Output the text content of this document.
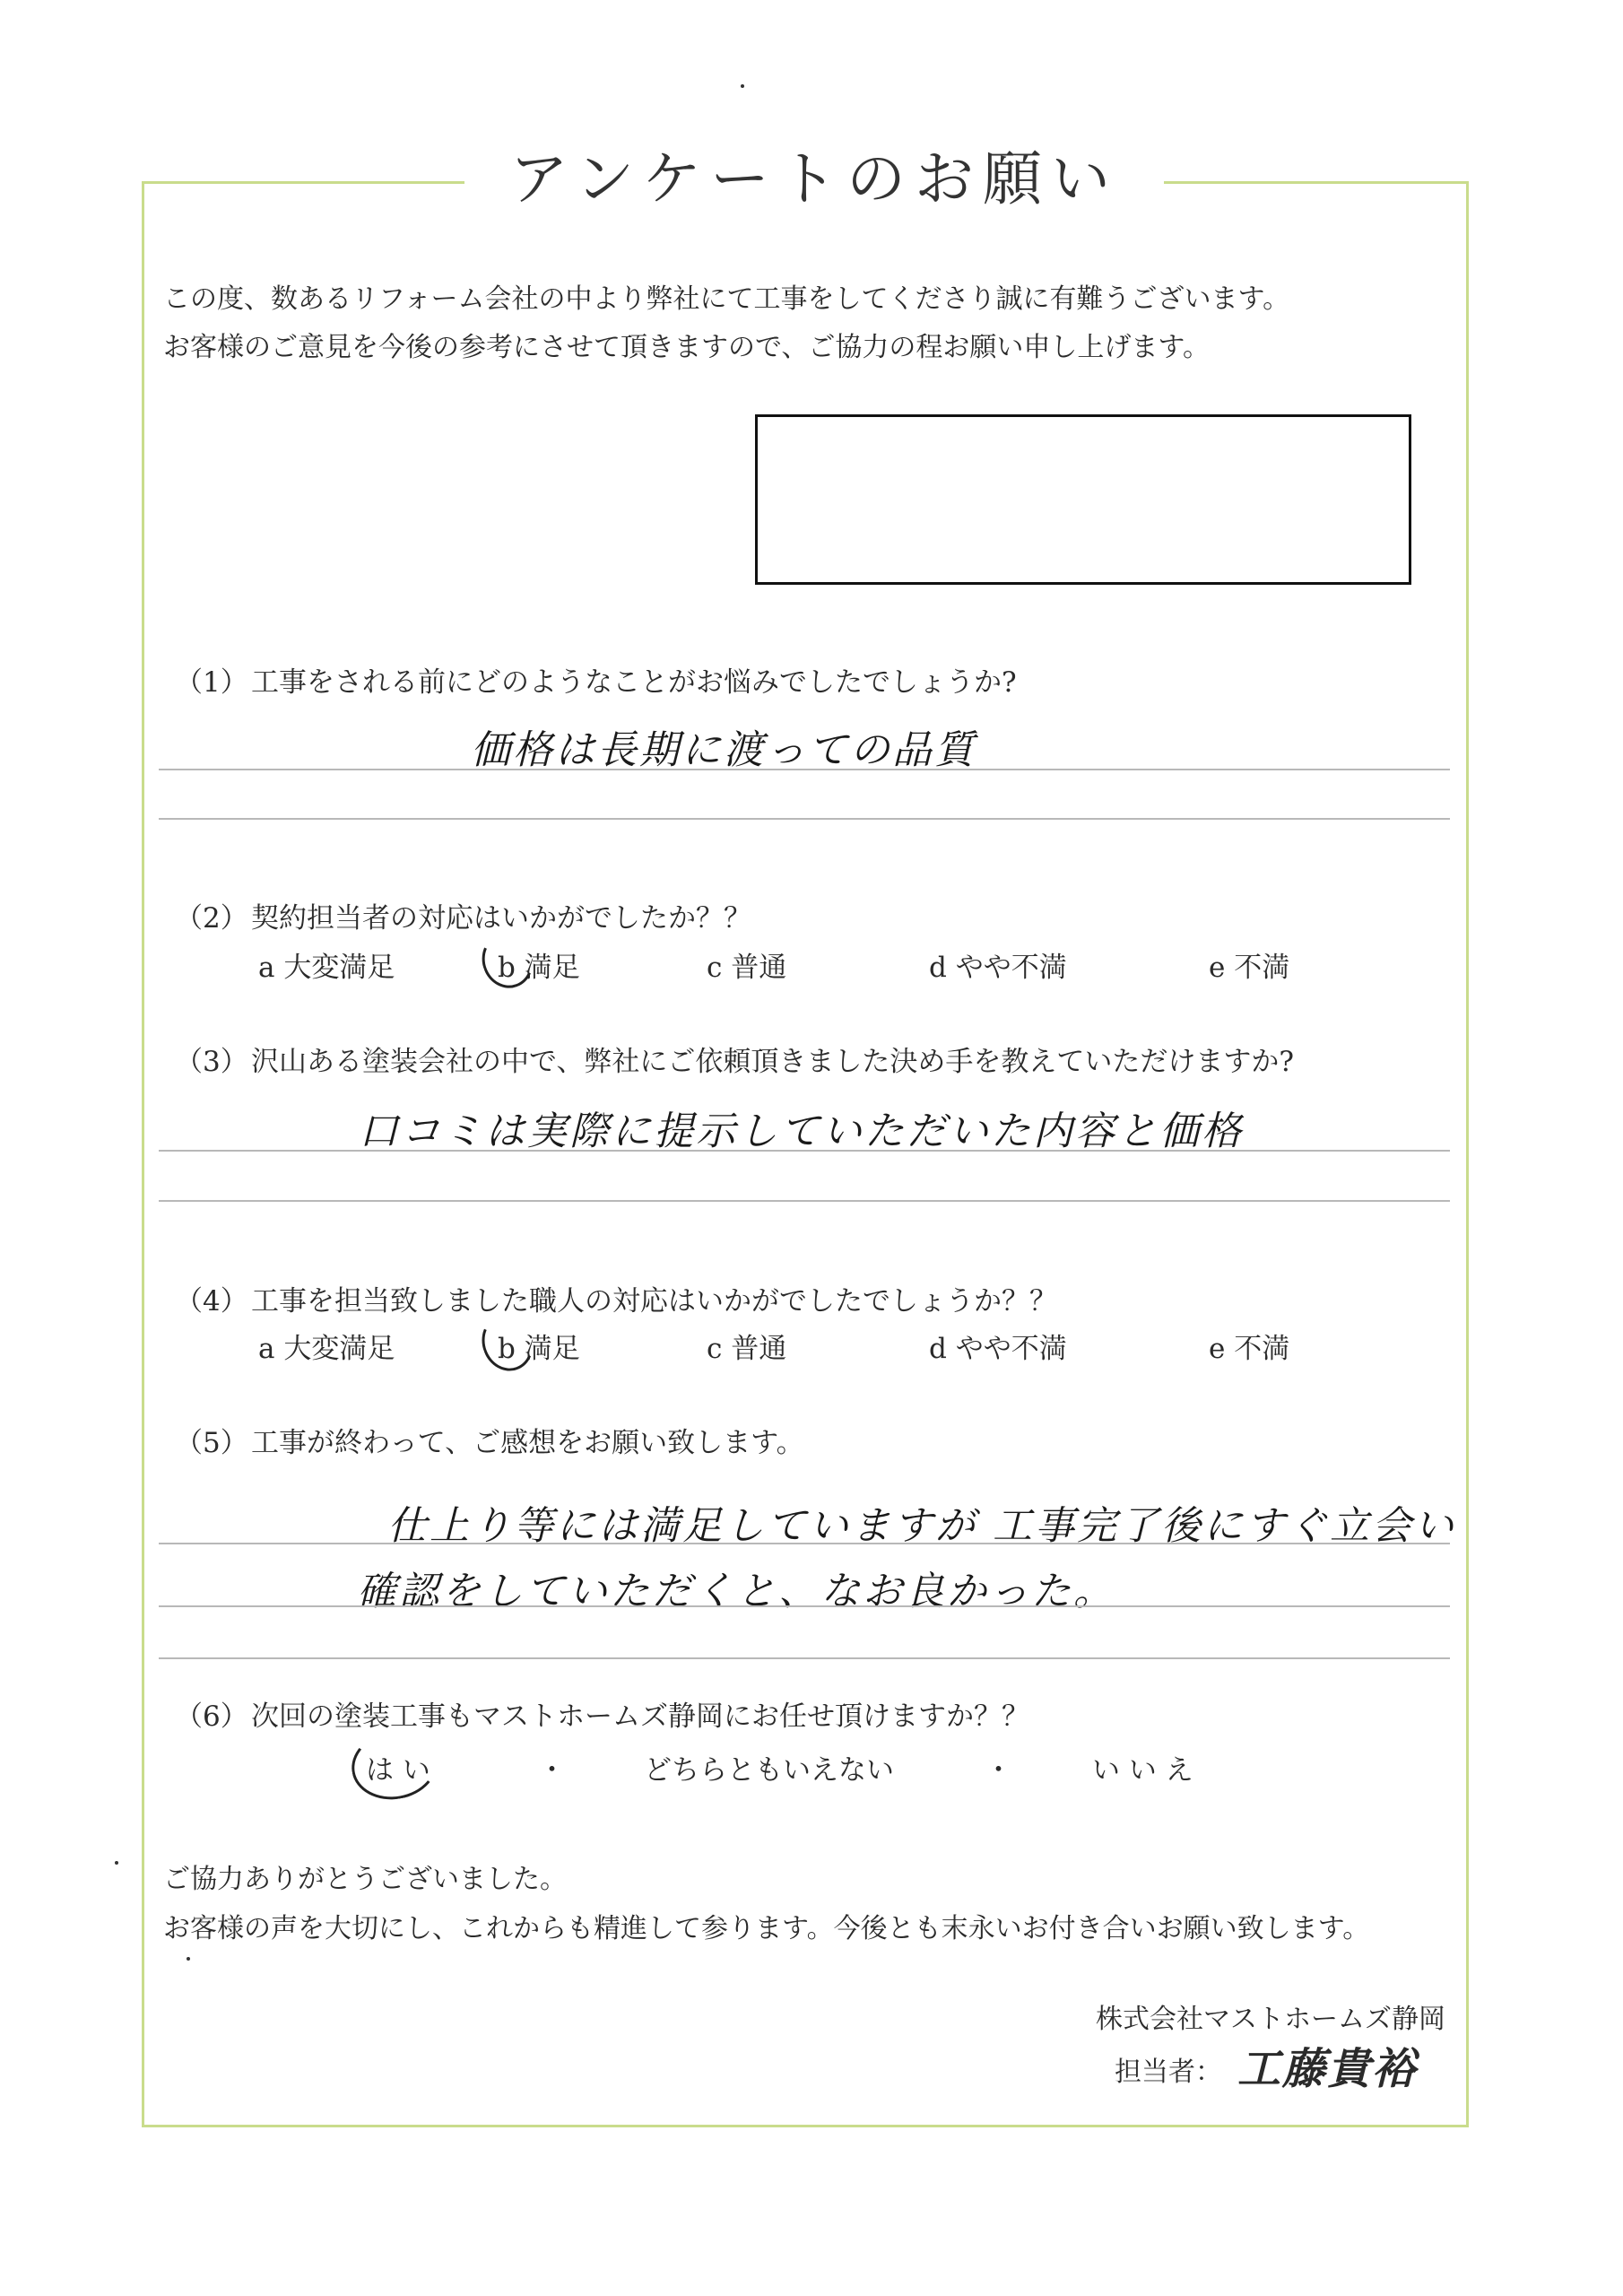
アンケートのお願い
この度、数あるリフォーム会社の中より弊社にて工事をしてくださり誠に有難うございます。
お客様のご意見を今後の参考にさせて頂きますので、ご協力の程お願い申し上げます。
（1） 工事をされる前にどのようなことがお悩みでしたでしょうか?
価格は長期に渡っての品質
（2） 契約担当者の対応はいかがでしたか？？
a 大変満足	b 満足	c 普通	d やや不満	e 不満
（3） 沢山ある塗装会社の中で、弊社にご依頼頂きました決め手を教えていただけますか?
口コミは実際に提示していただいた内容と価格
（4） 工事を担当致しました職人の対応はいかがでしたでしょうか？？
a 大変満足	b 満足	c 普通	d やや不満	e 不満
（5） 工事が終わって、ご感想をお願い致します。
仕上り等には満足していますが 工事完了後にすぐ立会い
確認をしていただくと、なお良かった。
（6） 次回の塗装工事もマストホームズ静岡にお任せ頂けますか？？
は い	・	どちらともいえない	・	い い え
ご協力ありがとうございました。
お客様の声を大切にし、これからも精進して参ります。今後とも末永いお付き合いお願い致します。
株式会社マストホームズ静岡
担当者： 工藤貴裕
